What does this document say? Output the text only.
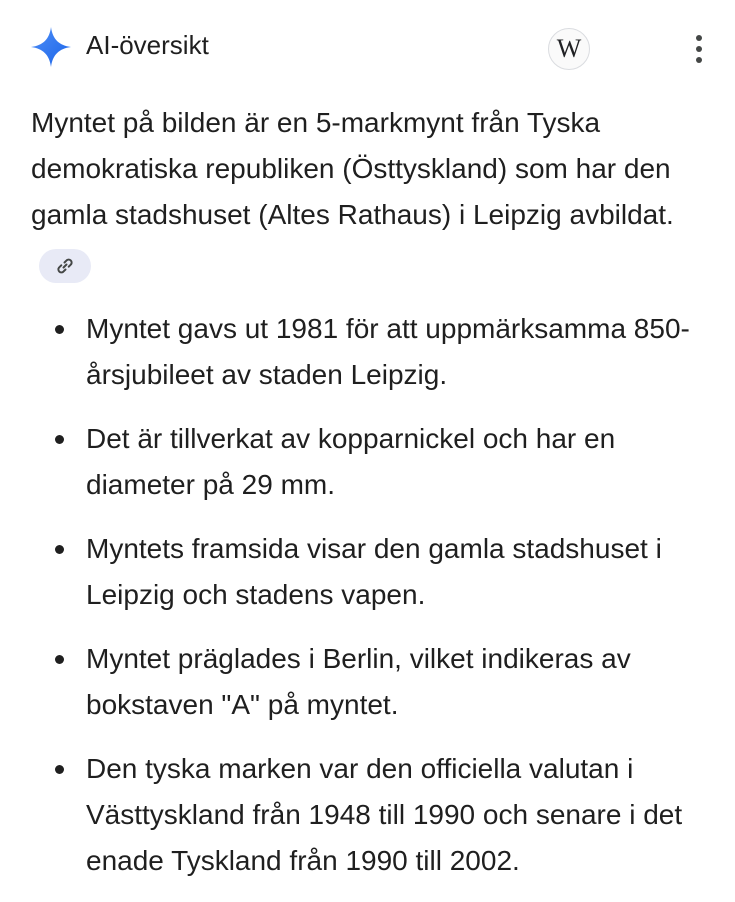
AI-översikt	W

Myntet på bilden är en 5-markmynt från Tyska demokratiska republiken (Östtyskland) som har den gamla stadshuset (Altes Rathaus) i Leipzig avbildat.

Myntet gavs ut 1981 för att uppmärksamma 850-årsjubileet av staden Leipzig.
Det är tillverkat av kopparnickel och har en diameter på 29 mm.
Myntets framsida visar den gamla stadshuset i Leipzig och stadens vapen.
Myntet präglades i Berlin, vilket indikeras av bokstaven "A" på myntet.
Den tyska marken var den officiella valutan i Västtyskland från 1948 till 1990 och senare i det enade Tyskland från 1990 till 2002.
